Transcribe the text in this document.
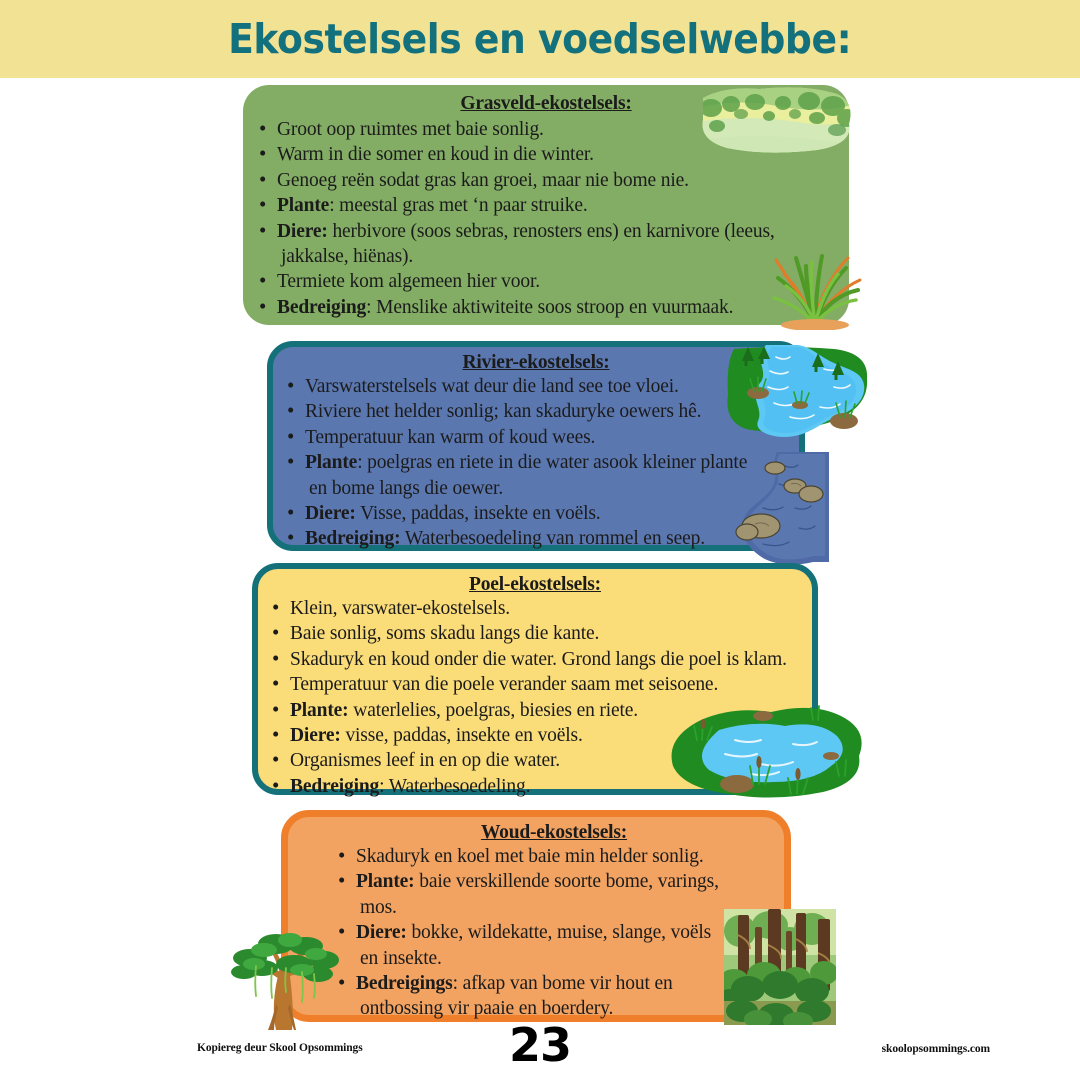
Ekostelsels en voedselwebbe:
Grasveld-ekostelsels:
• Groot oop ruimtes met baie sonlig.
• Warm in die somer en koud in die winter.
• Genoeg reën sodat gras kan groei, maar nie bome nie.
• Plante: meestal gras met ‘n paar struike.
• Diere: herbivore (soos sebras, renosters ens) en karnivore (leeus,
jakkalse, hiënas).
• Termiete kom algemeen hier voor.
• Bedreiging: Menslike aktiwiteite soos stroop en vuurmaak.
Rivier-ekostelsels:
• Varswaterstelsels wat deur die land see toe vloei.
• Riviere het helder sonlig; kan skaduryke oewers hê.
• Temperatuur kan warm of koud wees.
• Plante: poelgras en riete in die water asook kleiner plante
en bome langs die oewer.
• Diere: Visse, paddas, insekte en voëls.
• Bedreiging: Waterbesoedeling van rommel en seep.
Poel-ekostelsels:
• Klein, varswater-ekostelsels.
• Baie sonlig, soms skadu langs die kante.
• Skaduryk en koud onder die water. Grond langs die poel is klam.
• Temperatuur van die poele verander saam met seisoene.
• Plante: waterlelies, poelgras, biesies en riete.
• Diere: visse, paddas, insekte en voëls.
• Organismes leef in en op die water.
• Bedreiging: Waterbesoedeling.
Woud-ekostelsels:
• Skaduryk en koel met baie min helder sonlig.
• Plante: baie verskillende soorte bome, varings,
mos.
• Diere: bokke, wildekatte, muise, slange, voëls
en insekte.
• Bedreigings: afkap van bome vir hout en
ontbossing vir paaie en boerdery.
Kopiereg deur Skool Opsommings	23	skoolopsommings.com
